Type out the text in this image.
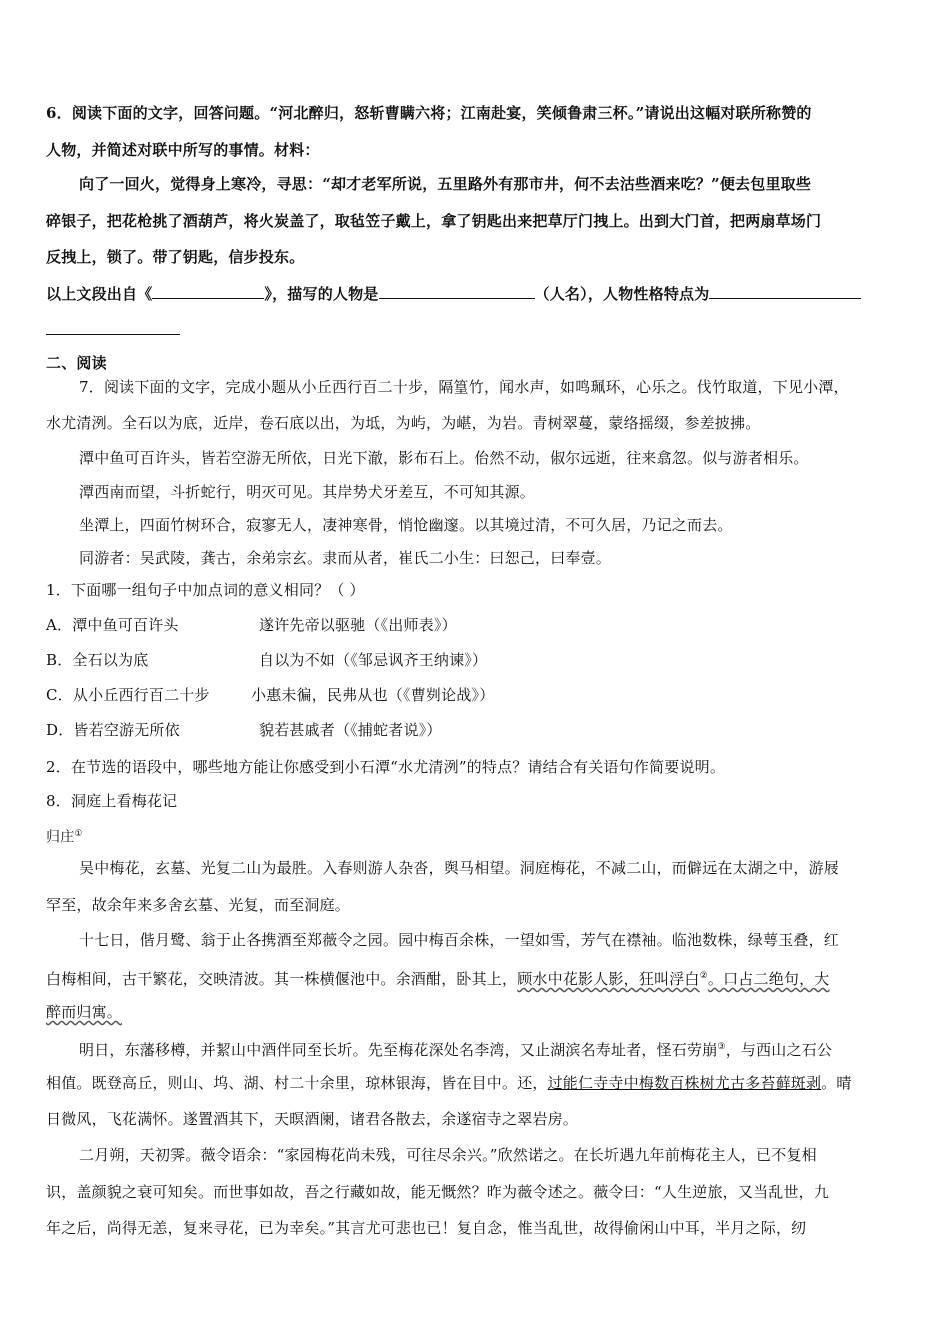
6．阅读下面的文字，回答问题。“河北醉归，怒斩曹瞒六将；江南赴宴，笑倾鲁肃三杯。”请说出这幅对联所称赞的
人物，并简述对联中所写的事情。材料：
向了一回火，觉得身上寒冷，寻思：“却才老军所说，五里路外有那市井，何不去沽些酒来吃？”便去包里取些
碎银子，把花枪挑了酒葫芦，将火炭盖了，取毡笠子戴上，拿了钥匙出来把草厅门拽上。出到大门首，把两扇草场门
反拽上，锁了。带了钥匙，信步投东。
以上文段出自《	》，描写的人物是	（人名），人物性格特点为
二、阅读
7．阅读下面的文字，完成小题从小丘西行百二十步，隔篁竹，闻水声，如鸣珮环，心乐之。伐竹取道，下见小潭，
水尤清洌。全石以为底，近岸，卷石底以出，为坻，为屿，为嵁，为岩。青树翠蔓，蒙络摇缀，参差披拂。
潭中鱼可百许头，皆若空游无所依，日光下澈，影布石上。佁然不动，俶尔远逝，往来翕忽。似与游者相乐。
潭西南而望，斗折蛇行，明灭可见。其岸势犬牙差互，不可知其源。
坐潭上，四面竹树环合，寂寥无人，凄神寒骨，悄怆幽邃。以其境过清，不可久居，乃记之而去。
同游者：吴武陵，龚古，余弟宗玄。隶而从者，崔氏二小生：曰恕己，曰奉壹。
1．下面哪一组句子中加点词的意义相同？（ ）
A．潭中鱼可百许头	遂许先帝以驱驰（《出师表》）
B．全石以为底	自以为不如（《邹忌讽齐王纳谏》）
C．从小丘西行百二十步	小惠未徧，民弗从也（《曹刿论战》）
D．皆若空游无所依	貌若甚戚者（《捕蛇者说》）
2．在节选的语段中，哪些地方能让你感受到小石潭“水尤清洌”的特点？请结合有关语句作简要说明。
8．洞庭上看梅花记
归庄①
吴中梅花，玄墓、光复二山为最胜。入春则游人杂沓，舆马相望。洞庭梅花，不减二山，而僻远在太湖之中，游屐
罕至，故余年来多舍玄墓、光复，而至洞庭。
十七日，偕月鹭、翁于止各携酒至郑薇令之园。园中梅百余株，一望如雪，芳气在襟袖。临池数株，绿萼玉叠，红
白梅相间，古干繁花，交映清波。其一株横偃池中。余酒酣，卧其上，顾水中花影人影，狂叫浮白②。口占二绝句，大
醉而归寓。
明日，东藩移樽，并絜山中酒伴同至长圻。先至梅花深处名李湾，又止湖滨名寿址者，怪石劳崩③，与西山之石公
相值。既登高丘，则山、坞、湖、村二十余里，琼林银海，皆在目中。还，过能仁寺寺中梅数百株树尤古多苔藓斑剥。晴
日微风，飞花满怀。遂置酒其下，天暝酒阑，诸君各散去，余遂宿寺之翠岩房。
二月朔，天初霁。薇令语余：“家园梅花尚未残，可往尽余兴。”欣然诺之。在长圻遇九年前梅花主人，已不复相
识，盖颜貌之衰可知矣。而世事如故，吾之行藏如故，能无慨然？昨为薇令述之。薇令曰：“人生逆旅，又当乱世，九
年之后，尚得无恙，复来寻花，已为幸矣。”其言尤可悲也已！复自念，惟当乱世，故得偷闲山中耳，半月之际，纫
